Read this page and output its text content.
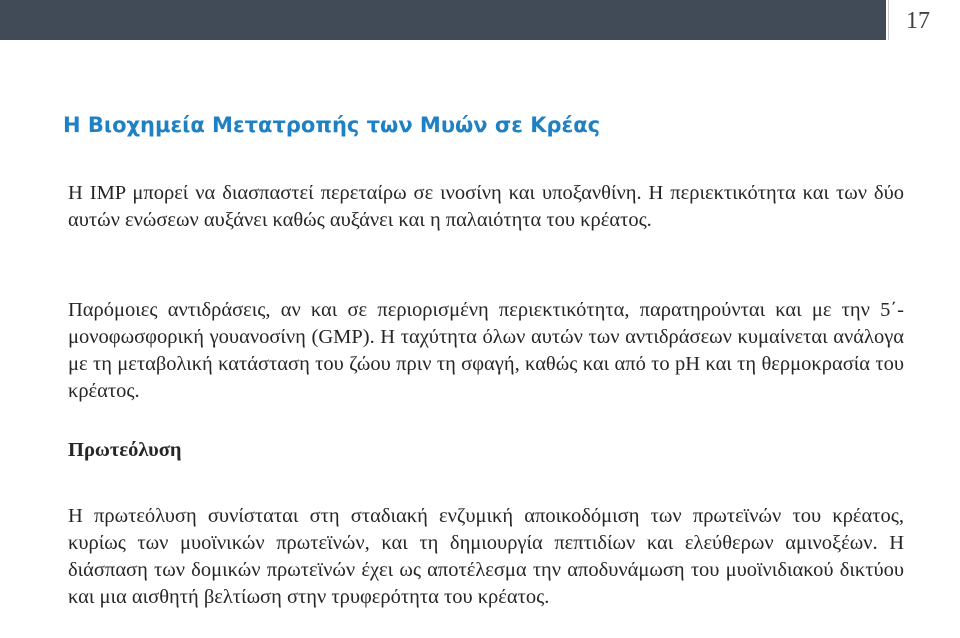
17
Η Βιοχημεία Μετατροπής των Μυών σε Κρέας

Η IMP μπορεί να διασπαστεί περεταίρω σε ινοσίνη και υποξανθίνη. Η περιεκτικότητα και των δύο αυτών ενώσεων αυξάνει καθώς αυξάνει και η παλαιότητα του κρέατος.

Παρόμοιες αντιδράσεις, αν και σε περιορισμένη περιεκτικότητα, παρατηρούνται και με την 5΄-μονοφωσφορική γουανοσίνη (GMP). Η ταχύτητα όλων αυτών των αντιδράσεων κυμαίνεται ανάλογα με τη μεταβολική κατάσταση του ζώου πριν τη σφαγή, καθώς και από το pH και τη θερμοκρασία του κρέατος.

Πρωτεόλυση

Η πρωτεόλυση συνίσταται στη σταδιακή ενζυμική αποικοδόμιση των πρωτεϊνών του κρέατος, κυρίως των μυοϊνικών πρωτεϊνών, και τη δημιουργία πεπτιδίων και ελεύθερων αμινοξέων. Η διάσπαση των δομικών πρωτεϊνών έχει ως αποτέλεσμα την αποδυνάμωση του μυοϊνιδιακού δικτύου και μια αισθητή βελτίωση στην τρυφερότητα του κρέατος.
